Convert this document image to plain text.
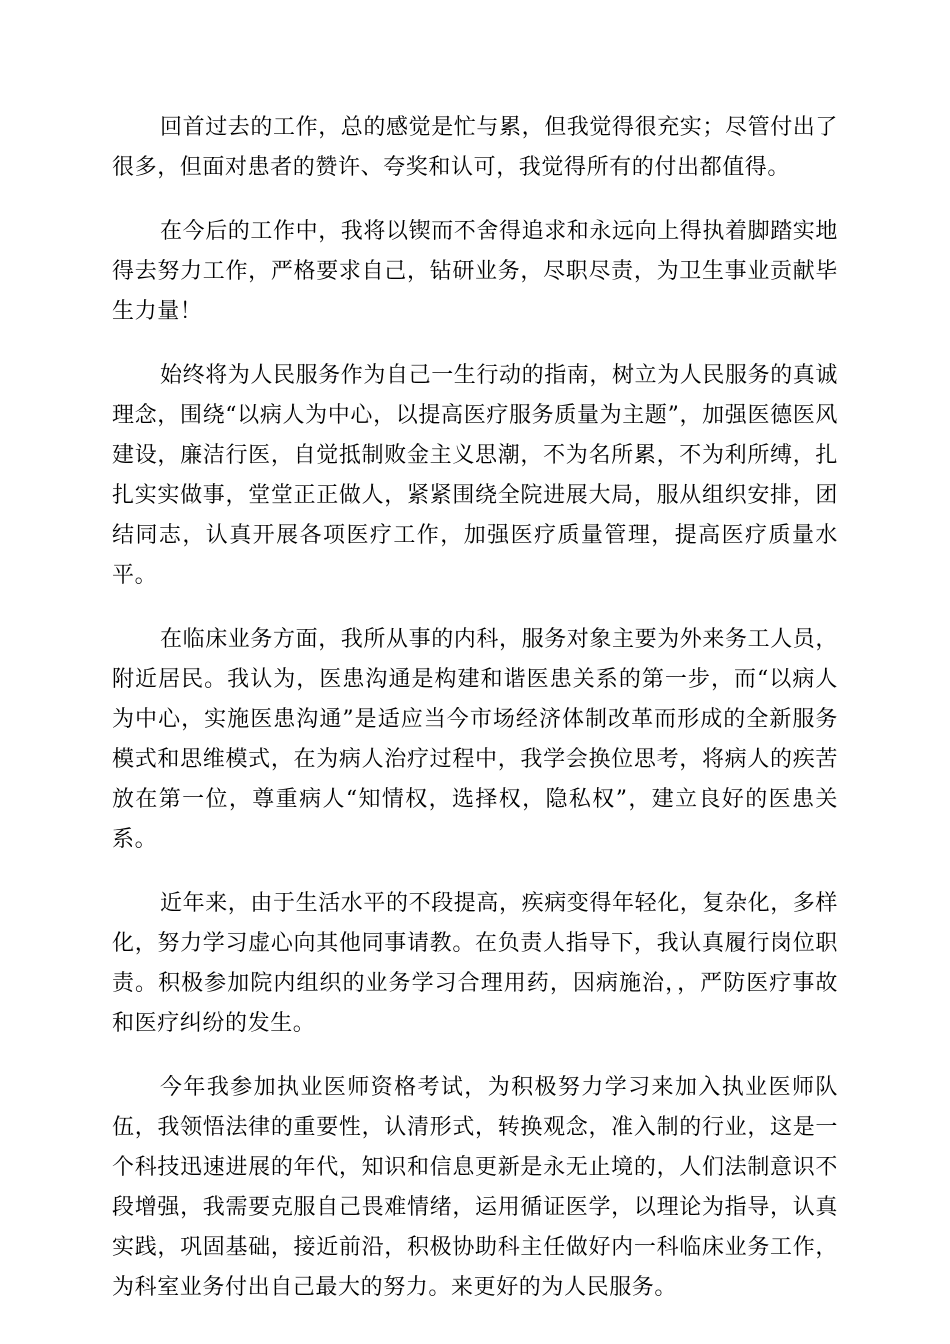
回首过去的工作，总的感觉是忙与累，但我觉得很充实；尽管付出了很多，但面对患者的赞许、夸奖和认可，我觉得所有的付出都值得。

在今后的工作中，我将以锲而不舍得追求和永远向上得执着脚踏实地得去努力工作，严格要求自己，钻研业务，尽职尽责，为卫生事业贡献毕生力量！

始终将为人民服务作为自己一生行动的指南，树立为人民服务的真诚理念，围绕“以病人为中心，以提高医疗服务质量为主题”，加强医德医风建设，廉洁行医，自觉抵制败金主义思潮，不为名所累，不为利所缚，扎扎实实做事，堂堂正正做人，紧紧围绕全院进展大局，服从组织安排，团结同志，认真开展各项医疗工作，加强医疗质量管理，提高医疗质量水平。

在临床业务方面，我所从事的内科，服务对象主要为外来务工人员，附近居民。我认为，医患沟通是构建和谐医患关系的第一步，而“以病人为中心，实施医患沟通”是适应当今市场经济体制改革而形成的全新服务模式和思维模式，在为病人治疗过程中，我学会换位思考，将病人的疾苦放在第一位，尊重病人“知情权，选择权，隐私权”，建立良好的医患关系。

近年来，由于生活水平的不段提高，疾病变得年轻化，复杂化，多样化，努力学习虚心向其他同事请教。在负责人指导下，我认真履行岗位职责。积极参加院内组织的业务学习合理用药，因病施治，，严防医疗事故和医疗纠纷的发生。

今年我参加执业医师资格考试，为积极努力学习来加入执业医师队伍，我领悟法律的重要性，认清形式，转换观念，准入制的行业，这是一个科技迅速进展的年代，知识和信息更新是永无止境的，人们法制意识不段增强，我需要克服自己畏难情绪，运用循证医学，以理论为指导，认真实践，巩固基础，接近前沿，积极协助科主任做好内一科临床业务工作，为科室业务付出自己最大的努力。来更好的为人民服务。
